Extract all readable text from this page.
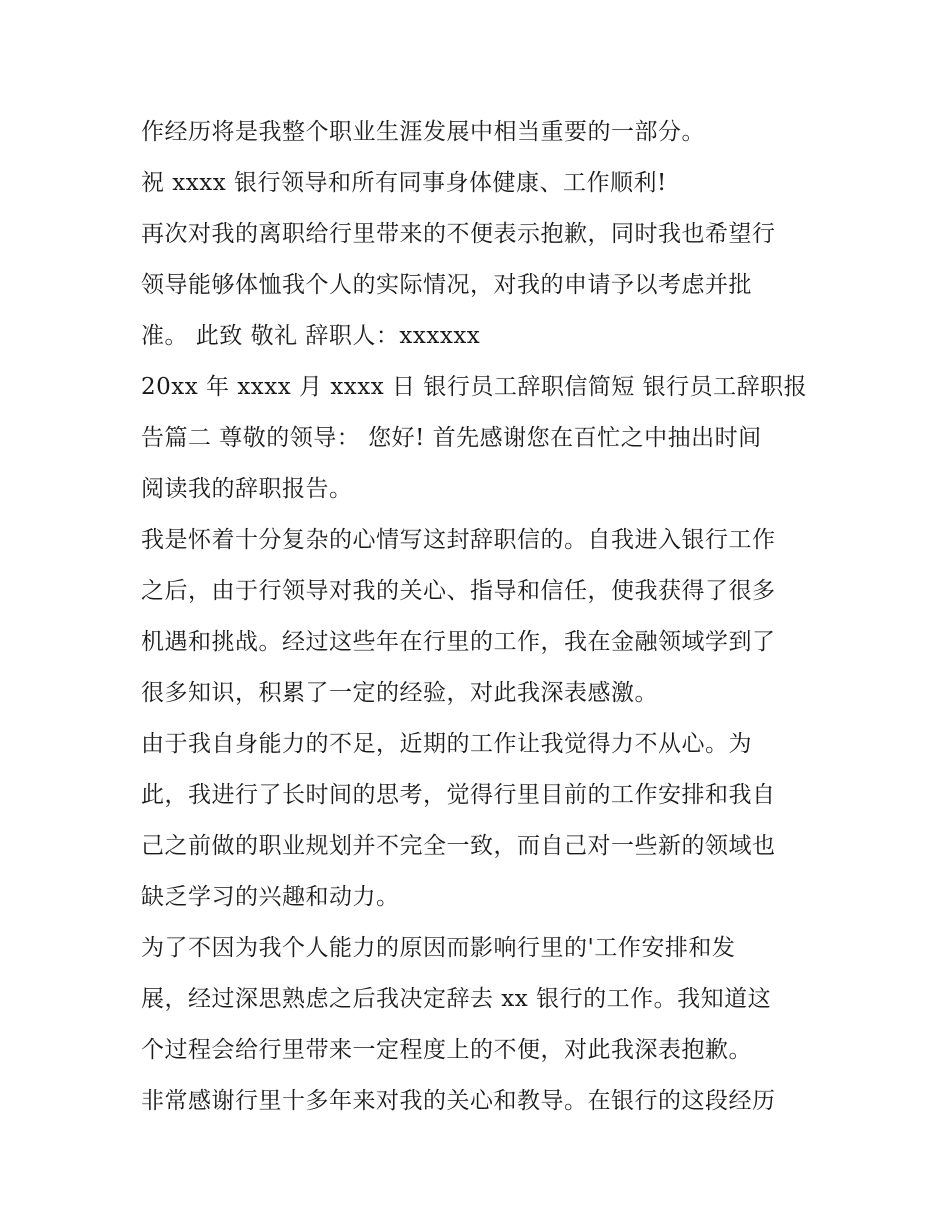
作经历将是我整个职业生涯发展中相当重要的一部分。
祝 xxxx 银行领导和所有同事身体健康、工作顺利!
再次对我的离职给行里带来的不便表示抱歉，同时我也希望行
领导能够体恤我个人的实际情况，对我的申请予以考虑并批
准。 此致 敬礼 辞职人：xxxxxx
20xx 年 xxxx 月 xxxx 日 银行员工辞职信简短 银行员工辞职报
告篇二 尊敬的领导： 您好! 首先感谢您在百忙之中抽出时间
阅读我的辞职报告。
我是怀着十分复杂的心情写这封辞职信的。自我进入银行工作
之后，由于行领导对我的关心、指导和信任，使我获得了很多
机遇和挑战。经过这些年在行里的工作，我在金融领域学到了
很多知识，积累了一定的经验，对此我深表感激。
由于我自身能力的不足，近期的工作让我觉得力不从心。为
此，我进行了长时间的思考，觉得行里目前的工作安排和我自
己之前做的职业规划并不完全一致，而自己对一些新的领域也
缺乏学习的兴趣和动力。
为了不因为我个人能力的原因而影响行里的'工作安排和发
展，经过深思熟虑之后我决定辞去 xx 银行的工作。我知道这
个过程会给行里带来一定程度上的不便，对此我深表抱歉。
非常感谢行里十多年来对我的关心和教导。在银行的这段经历
